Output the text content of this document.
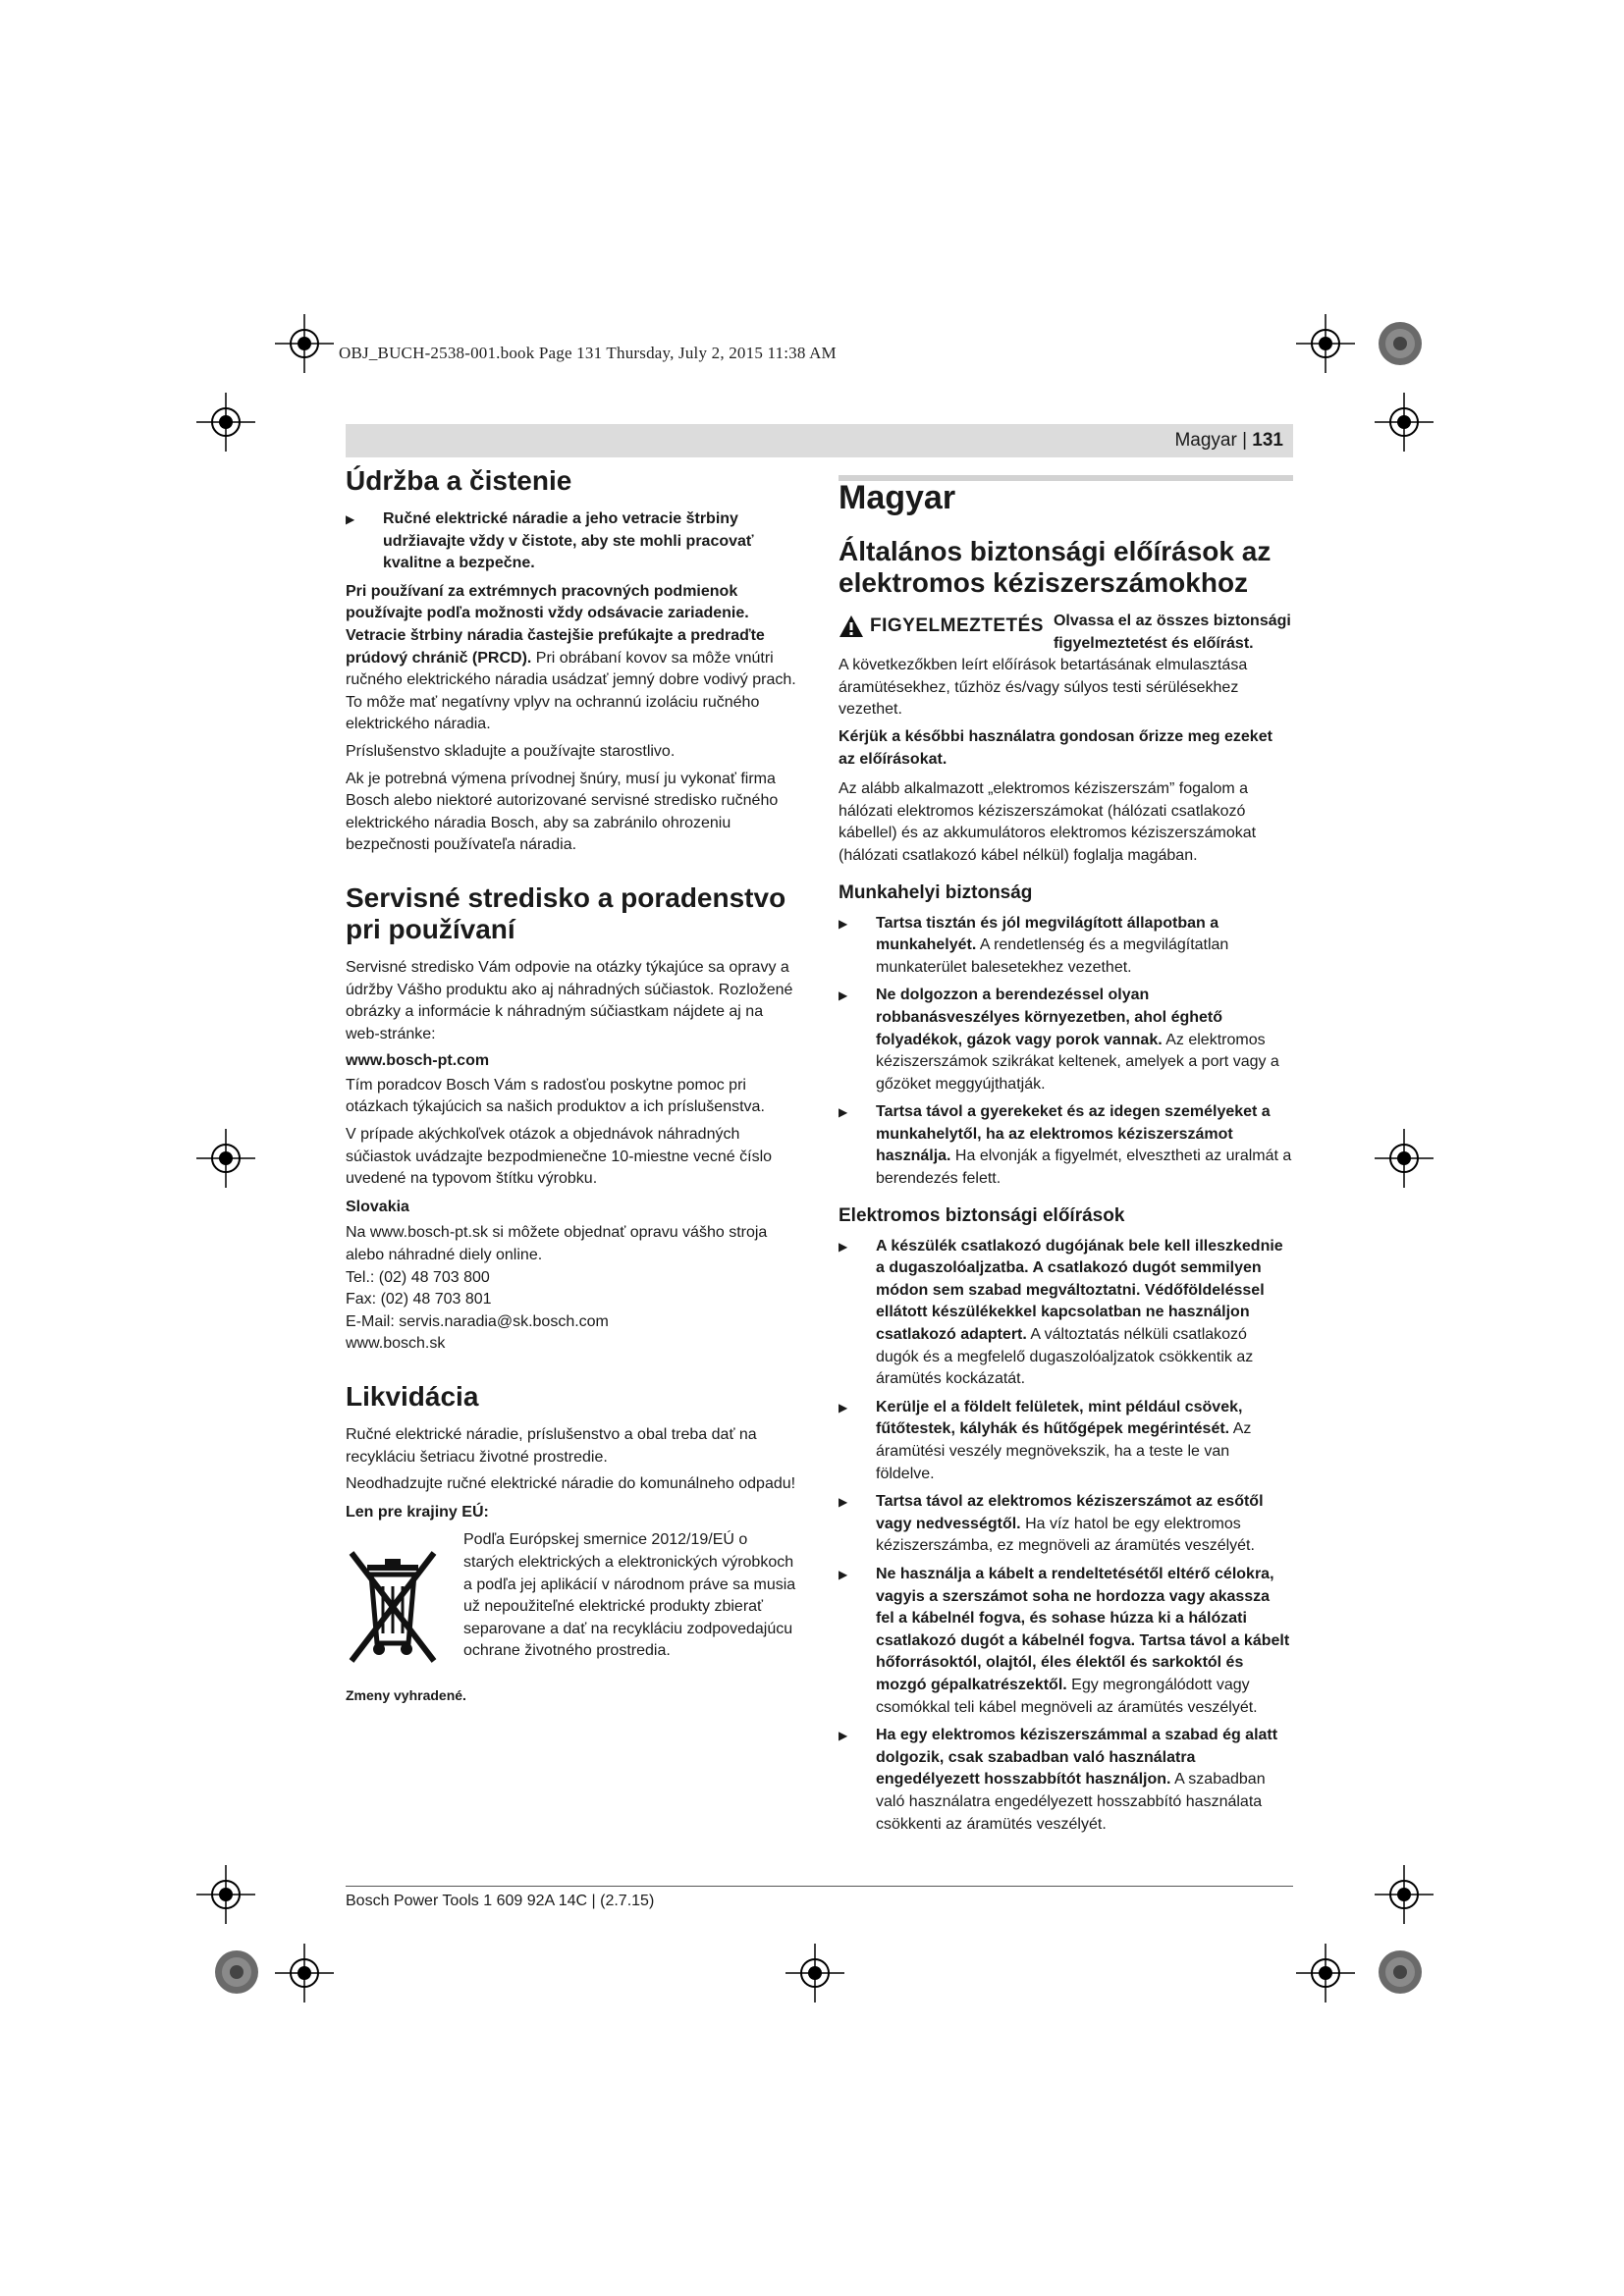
OBJ_BUCH-2538-001.book Page 131 Thursday, July 2, 2015 11:38 AM
Magyar | 131
Údržba a čistenie
▶ Ručné elektrické náradie a jeho vetracie štrbiny udržiavajte vždy v čistote, aby ste mohli pracovať kvalitne a bezpečne.

Pri používaní za extrémnych pracovných podmienok používajte podľa možnosti vždy odsávacie zariadenie. Vetracie štrbiny náradia častejšie prefúkajte a predraďte prúdový chránič (PRCD). Pri obrábaní kovov sa môže vnútri ručného elektrického náradia usádzať jemný dobre vodivý prach. To môže mať negatívny vplyv na ochrannú izoláciu ručného elektrického náradia.

Príslušenstvo skladujte a používajte starostlivo.

Ak je potrebná výmena prívodnej šnúry, musí ju vykonať firma Bosch alebo niektoré autorizované servisné stredisko ručného elektrického náradia Bosch, aby sa zabránilo ohrozeniu bezpečnosti používateľa náradia.

Servisné stredisko a poradenstvo pri používaní

Servisné stredisko Vám odpovie na otázky týkajúce sa opravy a údržby Vášho produktu ako aj náhradných súčiastok. Rozložené obrázky a informácie k náhradným súčiastkam nájdete aj na web-stránke:

www.bosch-pt.com

Tím poradcov Bosch Vám s radosťou poskytne pomoc pri otázkach týkajúcich sa našich produktov a ich príslušenstva.

V prípade akýchkoľvek otázok a objednávok náhradných súčiastok uvádzajte bezpodmienečne 10-miestne vecné číslo uvedené na typovom štítku výrobku.

Slovakia

Na www.bosch-pt.sk si môžete objednať opravu vášho stroja alebo náhradné diely online.

Tel.: (02) 48 703 800

Fax: (02) 48 703 801

E-Mail: servis.naradia@sk.bosch.com

www.bosch.sk

Likvidácia

Ručné elektrické náradie, príslušenstvo a obal treba dať na recykláciu šetriacu životné prostredie.

Neodhadzujte ručné elektrické náradie do komunálneho odpadu!

Len pre krajiny EÚ:
Podľa Európskej smernice 2012/19/EÚ o starých elektrických a elektronických výrobkoch a podľa jej aplikácií v národnom práve sa musia už nepoužiteľné elektrické produkty zbierať separovane a dať na recykláciu zodpovedajúcu ochrane životného prostredia.
Zmeny vyhradené.
Magyar
Általános biztonsági előírások az elektromos kéziszerszámokhoz
FIGYELMEZTETÉS Olvassa el az összes biztonsági figyelmeztetést és előírást.

A következőkben leírt előírások betartásának elmulasztása áramütésekhez, tűzhöz és/vagy súlyos testi sérülésekhez vezethet.

Kérjük a későbbi használatra gondosan őrizze meg ezeket az előírásokat.

Az alább alkalmazott „elektromos kéziszerszám” fogalom a hálózati elektromos kéziszerszámokat (hálózati csatlakozó kábellel) és az akkumulátoros elektromos kéziszerszámokat (hálózati csatlakozó kábel nélkül) foglalja magában.

Munkahelyi biztonság
▶ Tartsa tisztán és jól megvilágított állapotban a munkahelyét. A rendetlenség és a megvilágítatlan munkaterület balesetekhez vezethet.
▶ Ne dolgozzon a berendezéssel olyan robbanásveszélyes környezetben, ahol éghető folyadékok, gázok vagy porok vannak. Az elektromos kéziszerszámok szikrákat keltenek, amelyek a port vagy a gőzöket meggyújthatják.
▶ Tartsa távol a gyerekeket és az idegen személyeket a munkahelytől, ha az elektromos kéziszerszámot használja. Ha elvonják a figyelmét, elvesztheti az uralmát a berendezés felett.
Elektromos biztonsági előírások
▶ A készülék csatlakozó dugójának bele kell illeszkednie a dugaszolóaljzatba. A csatlakozó dugót semmilyen módon sem szabad megváltoztatni. Védőföldeléssel ellátott készülékekkel kapcsolatban ne használjon csatlakozó adaptert. A változtatás nélküli csatlakozó dugók és a megfelelő dugaszolóaljzatok csökkentik az áramütés kockázatát.
▶ Kerülje el a földelt felületek, mint például csövek, fűtőtestek, kályhák és hűtőgépek megérintését. Az áramütési veszély megnövekszik, ha a teste le van földelve.
▶ Tartsa távol az elektromos kéziszerszámot az esőtől vagy nedvességtől. Ha víz hatol be egy elektromos kéziszerszámba, ez megnöveli az áramütés veszélyét.
▶ Ne használja a kábelt a rendeltetésétől eltérő célokra, vagyis a szerszámot soha ne hordozza vagy akassza fel a kábelnél fogva, és sohase húzza ki a hálózati csatlakozó dugót a kábelnél fogva. Tartsa távol a kábelt hőforrásoktól, olajtól, éles élektől és sarkoktól és mozgó gépalkatrészektől. Egy megrongálódott vagy csomókkal teli kábel megnöveli az áramütés veszélyét.
▶ Ha egy elektromos kéziszerszámmal a szabad ég alatt dolgozik, csak szabadban való használatra engedélyezett hosszabbítót használjon. A szabadban való használatra engedélyezett hosszabbító használata csökkenti az áramütés veszélyét.
Bosch Power Tools 1 609 92A 14C | (2.7.15)
